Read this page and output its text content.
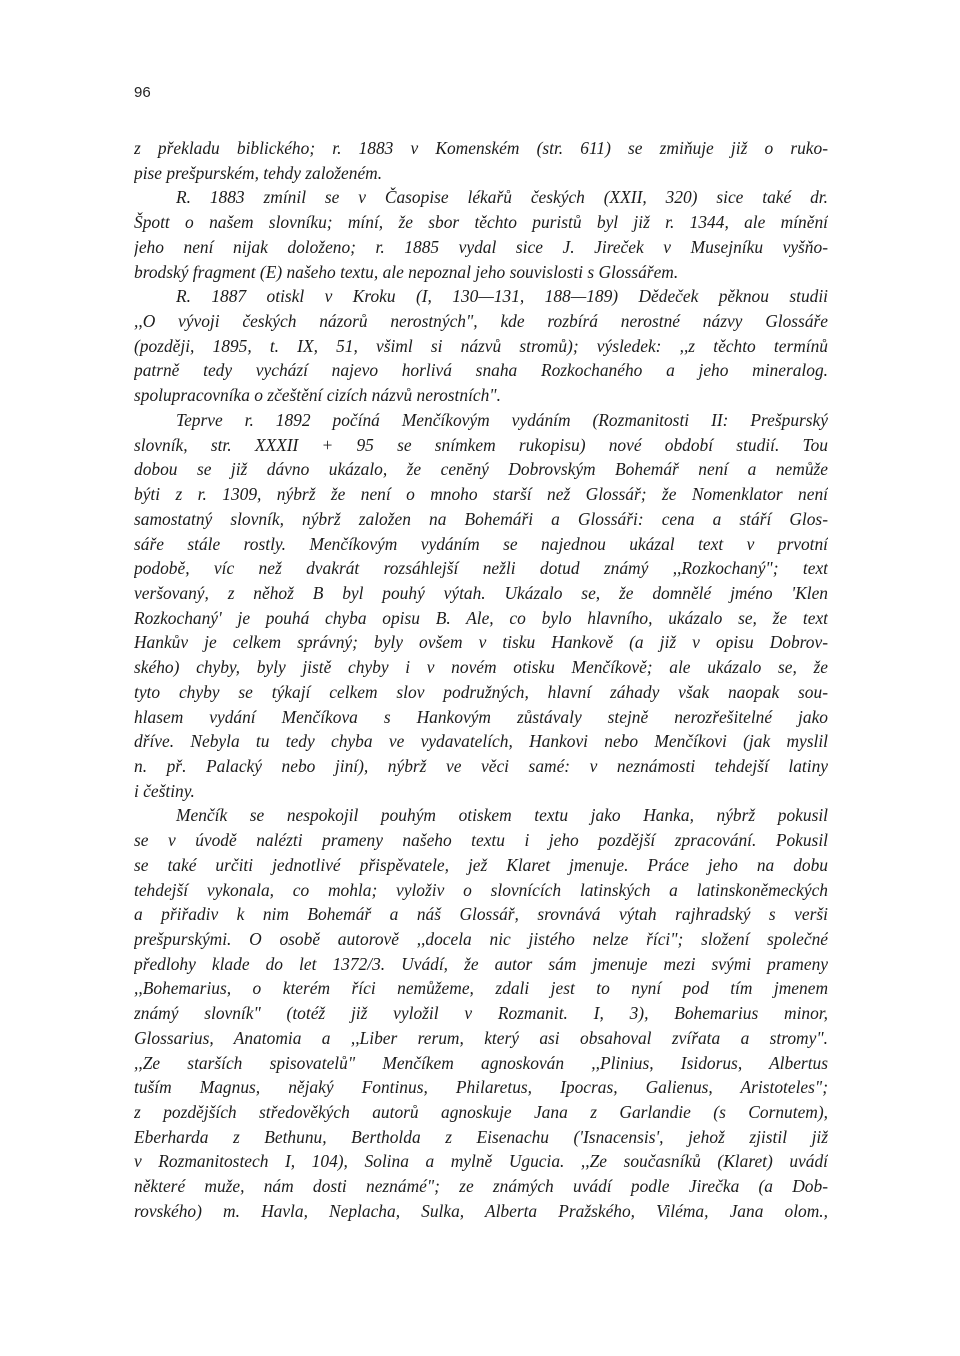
96
z překladu biblického; r. 1883 v Komenském (str. 611) se zmiňuje již o ruko-
pise prešpurském, tehdy založeném.
R. 1883 zmínil se v Časopise lékařů českých (XXII, 320) sice také dr.
Špott o našem slovníku; míní, že sbor těchto puristů byl již r. 1344, ale mínění
jeho není nijak doloženo; r. 1885 vydal sice J. Jireček v Musejníku vyšňo-
brodský fragment (E) našeho textu, ale nepoznal jeho souvislosti s Glossářem.
R. 1887 otiskl v Kroku (I, 130—131, 188—189) Dědeček pěknou studii
,,O vývoji českých názorů nerostných", kde rozbírá nerostné názvy Glossáře
(později, 1895, t. IX, 51, všiml si názvů stromů); výsledek: ,,z těchto termínů
patrně tedy vychází najevo horlivá snaha Rozkochaného a jeho mineralog.
spolupracovníka o zčeštění cizích názvů nerostních".
Teprve r. 1892 počíná Menčíkovým vydáním (Rozmanitosti II: Prešpurský
slovník, str. XXXII + 95 se snímkem rukopisu) nové období studií. Tou
dobou se již dávno ukázalo, že cenĕný Dobrovským Bohemář není a nemůže
býti z r. 1309, nýbrž že není o mnoho starší než Glossář; že Nomenklator není
samostatný slovník, nýbrž založen na Bohemáři a Glossáři: cena a stáří Glos-
sáře stále rostly. Menčíkovým vydáním se najednou ukázal text v prvotní
podobě, víc než dvakrát rozsáhlejší nežli dotud známý ,,Rozkochaný"; text
veršovaný, z něhož B byl pouhý výtah. Ukázalo se, že domnělé jméno 'Klen
Rozkochaný' je pouhá chyba opisu B. Ale, co bylo hlavního, ukázalo se, že text
Hankův je celkem správný; byly ovšem v tisku Hankově (a již v opisu Dobrov-
ského) chyby, byly jistě chyby i v novém otisku Menčíkově; ale ukázalo se, že
tyto chyby se týkají celkem slov podružných, hlavní záhady však naopak sou-
hlasem vydání Menčíkova s Hankovým zůstávaly stejně nerozřešitelné jako
dříve. Nebyla tu tedy chyba ve vydavatelích, Hankovi nebo Menčíkovi (jak myslil
n. př. Palacký nebo jiní), nýbrž ve věci samé: v neznámosti tehdejší latiny
i češtiny.
Menčík se nespokojil pouhým otiskem textu jako Hanka, nýbrž pokusil
se v úvodě nalézti prameny našeho textu i jeho pozdější zpracování. Pokusil
se také určiti jednotlivé přispěvatele, jež Klaret jmenuje. Práce jeho na dobu
tehdejší vykonala, co mohla; vyloživ o slovnících latinských a latinskoněmeckých
a přiřadiv k nim Bohemář a náš Glossář, srovnává výtah rajhradský s verši
prešpurskými. O osobě autorově ,,docela nic jistého nelze říci"; složení společné
předlohy klade do let 1372/3. Uvádí, že autor sám jmenuje mezi svými prameny
,,Bohemarius, o kterém říci nemůžeme, zdali jest to nyní pod tím jmenem
známý slovník" (totéž již vyložil v Rozmanit. I, 3), Bohemarius minor,
Glossarius, Anatomia a ,,Liber rerum, který asi obsahoval zvířata a stromy".
,,Ze starších spisovatelů" Menčíkem agnoskován ,,Plinius, Isidorus, Albertus
tuším Magnus, nějaký Fontinus, Philaretus, Ipocras, Galienus, Aristoteles";
z pozdějších středověkých autorů agnoskuje Jana z Garlandie (s Cornutem),
Eberharda z Bethunu, Bertholda z Eisenachu ('Isnacensis', jehož zjistil již
v Rozmanitostech I, 104), Solina a mylně Ugucia. ,,Ze současníků (Klaret) uvádí
některé muže, nám dosti neznámé"; ze známých uvádí podle Jirečka (a Dob-
rovského) m. Havla, Neplacha, Sulka, Alberta Pražského, Viléma, Jana olom.,
